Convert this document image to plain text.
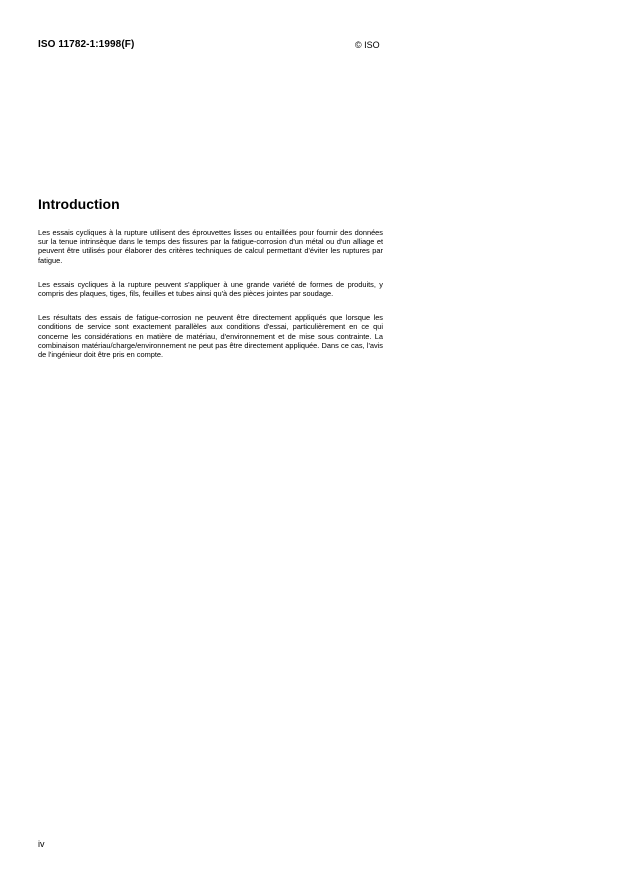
ISO 11782-1:1998(F)	© ISO
Introduction

Les essais cycliques à la rupture utilisent des éprouvettes lisses ou entaillées pour fournir des données sur la tenue intrinsèque dans le temps des fissures par la fatigue-corrosion d'un métal ou d'un alliage et peuvent être utilisés pour élaborer des critères techniques de calcul permettant d'éviter les ruptures par fatigue.

Les essais cycliques à la rupture peuvent s'appliquer à une grande variété de formes de produits, y compris des plaques, tiges, fils, feuilles et tubes ainsi qu'à des pièces jointes par soudage.

Les résultats des essais de fatigue-corrosion ne peuvent être directement appliqués que lorsque les conditions de service sont exactement parallèles aux conditions d'essai, particulièrement en ce qui concerne les considérations en matière de matériau, d'environnement et de mise sous contrainte. La combinaison matériau/charge/environnement ne peut pas être directement appliquée. Dans ce cas, l'avis de l'ingénieur doit être pris en compte.

iv
